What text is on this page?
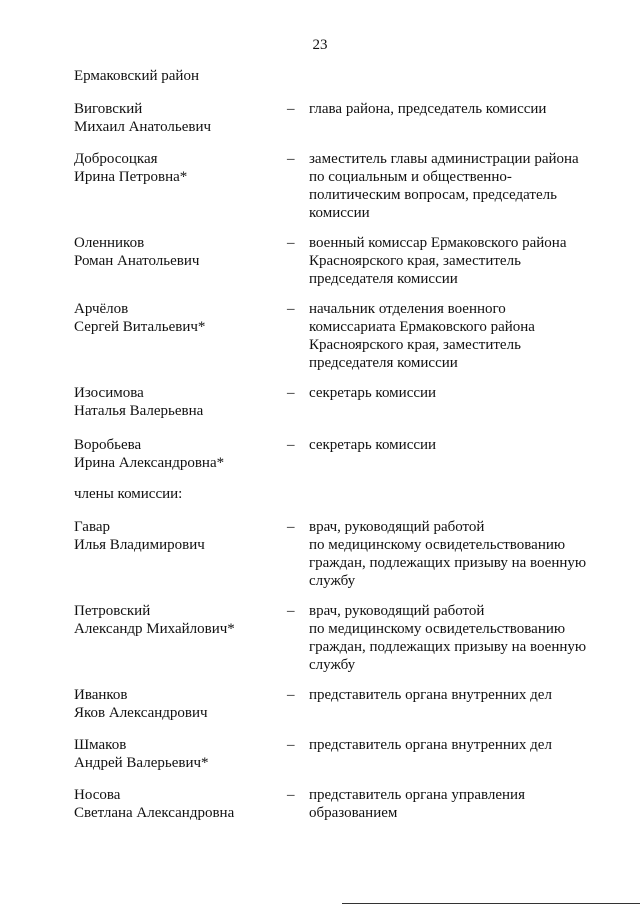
23
Ермаковский район
члены комиссии:
Виговский
Михаил Анатольевич
– глава района, председатель комиссии
Добросоцкая
Ирина Петровна*
– заместитель главы администрации района
по социальным и общественно-
политическим вопросам, председатель
комиссии
Оленников
Роман Анатольевич
– военный комиссар Ермаковского района
Красноярского края, заместитель
председателя комиссии
Арчёлов
Сергей Витальевич*
– начальник отделения военного
комиссариата Ермаковского района
Красноярского края, заместитель
председателя комиссии
Изосимова
Наталья Валерьевна
– секретарь комиссии
Воробьева
Ирина Александровна*
– секретарь комиссии
Гавар
Илья Владимирович
– врач, руководящий работой
по медицинскому освидетельствованию
граждан, подлежащих призыву на военную
службу
Петровский
Александр Михайлович*
– врач, руководящий работой
по медицинскому освидетельствованию
граждан, подлежащих призыву на военную
службу
Иванков
Яков Александрович
– представитель органа внутренних дел
Шмаков
Андрей Валерьевич*
– представитель органа внутренних дел
Носова
Светлана Александровна
– представитель органа управления
образованием
